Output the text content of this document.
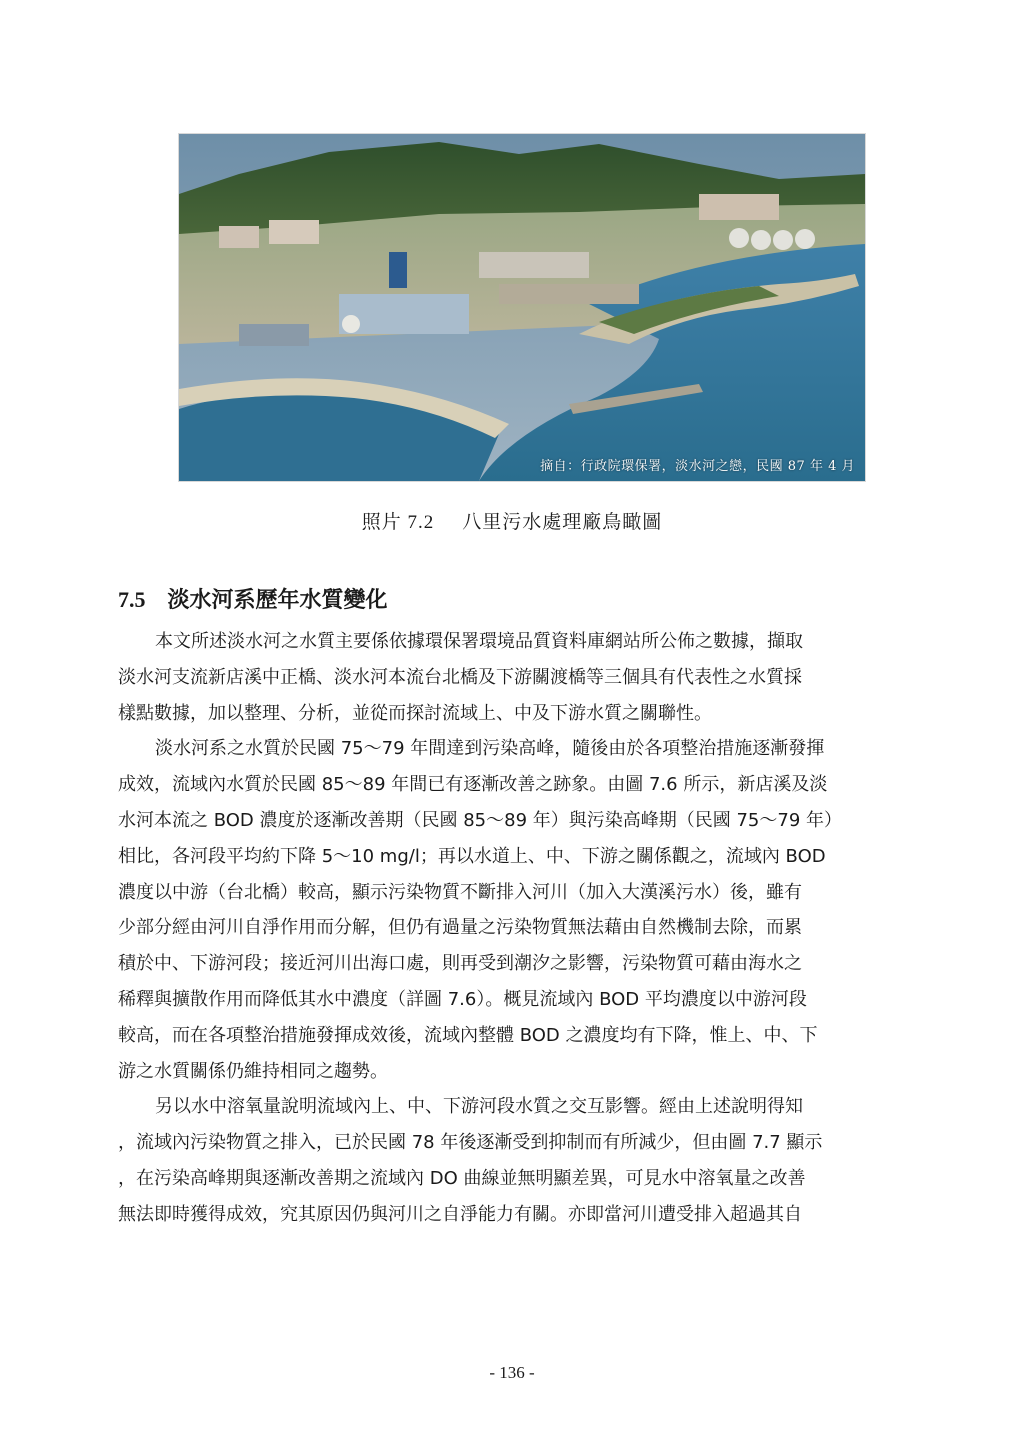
摘自：行政院環保署，淡水河之戀，民國 87 年 4 月
照片 7.2 八里污水處理廠鳥瞰圖
7.5 淡水河系歷年水質變化
本文所述淡水河之水質主要係依據環保署環境品質資料庫網站所公佈之數據，擷取
淡水河支流新店溪中正橋、淡水河本流台北橋及下游關渡橋等三個具有代表性之水質採
樣點數據，加以整理、分析，並從而探討流域上、中及下游水質之關聯性。
淡水河系之水質於民國 75～79 年間達到污染高峰，隨後由於各項整治措施逐漸發揮
成效，流域內水質於民國 85～89 年間已有逐漸改善之跡象。由圖 7.6 所示，新店溪及淡
水河本流之 BOD 濃度於逐漸改善期（民國 85～89 年）與污染高峰期（民國 75～79 年）
相比，各河段平均約下降 5～10 mg/l；再以水道上、中、下游之關係觀之，流域內 BOD
濃度以中游（台北橋）較高，顯示污染物質不斷排入河川（加入大漢溪污水）後，雖有
少部分經由河川自淨作用而分解，但仍有過量之污染物質無法藉由自然機制去除，而累
積於中、下游河段；接近河川出海口處，則再受到潮汐之影響，污染物質可藉由海水之
稀釋與擴散作用而降低其水中濃度（詳圖 7.6）。概見流域內 BOD 平均濃度以中游河段
較高，而在各項整治措施發揮成效後，流域內整體 BOD 之濃度均有下降，惟上、中、下
游之水質關係仍維持相同之趨勢。
另以水中溶氧量說明流域內上、中、下游河段水質之交互影響。經由上述說明得知
，流域內污染物質之排入，已於民國 78 年後逐漸受到抑制而有所減少，但由圖 7.7 顯示
，在污染高峰期與逐漸改善期之流域內 DO 曲線並無明顯差異，可見水中溶氧量之改善
無法即時獲得成效，究其原因仍與河川之自淨能力有關。亦即當河川遭受排入超過其自
- 136 -
